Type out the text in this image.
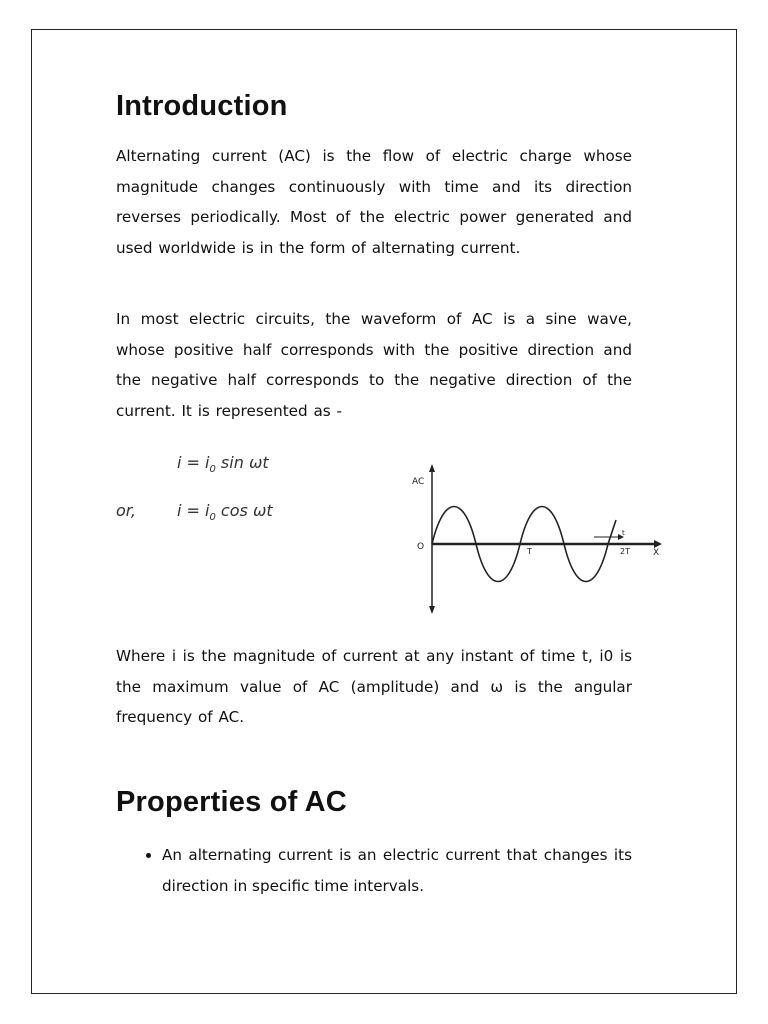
Introduction

Alternating current (AC) is the flow of electric charge whose magnitude changes continuously with time and its direction reverses periodically. Most of the electric power generated and used worldwide is in the form of alternating current.

In most electric circuits, the waveform of AC is a sine wave, whose positive half corresponds with the positive direction and the negative half corresponds to the negative direction of the current. It is represented as -

$i = i_0$ sin ωt
or,	$i = i_0$ cos ωt
AC
O	T	2T	X
t

Where i is the magnitude of current at any instant of time t, i0 is the maximum value of AC (amplitude) and ω is the angular frequency of AC.

Properties of AC
• An alternating current is an electric current that changes its direction in specific time intervals.
